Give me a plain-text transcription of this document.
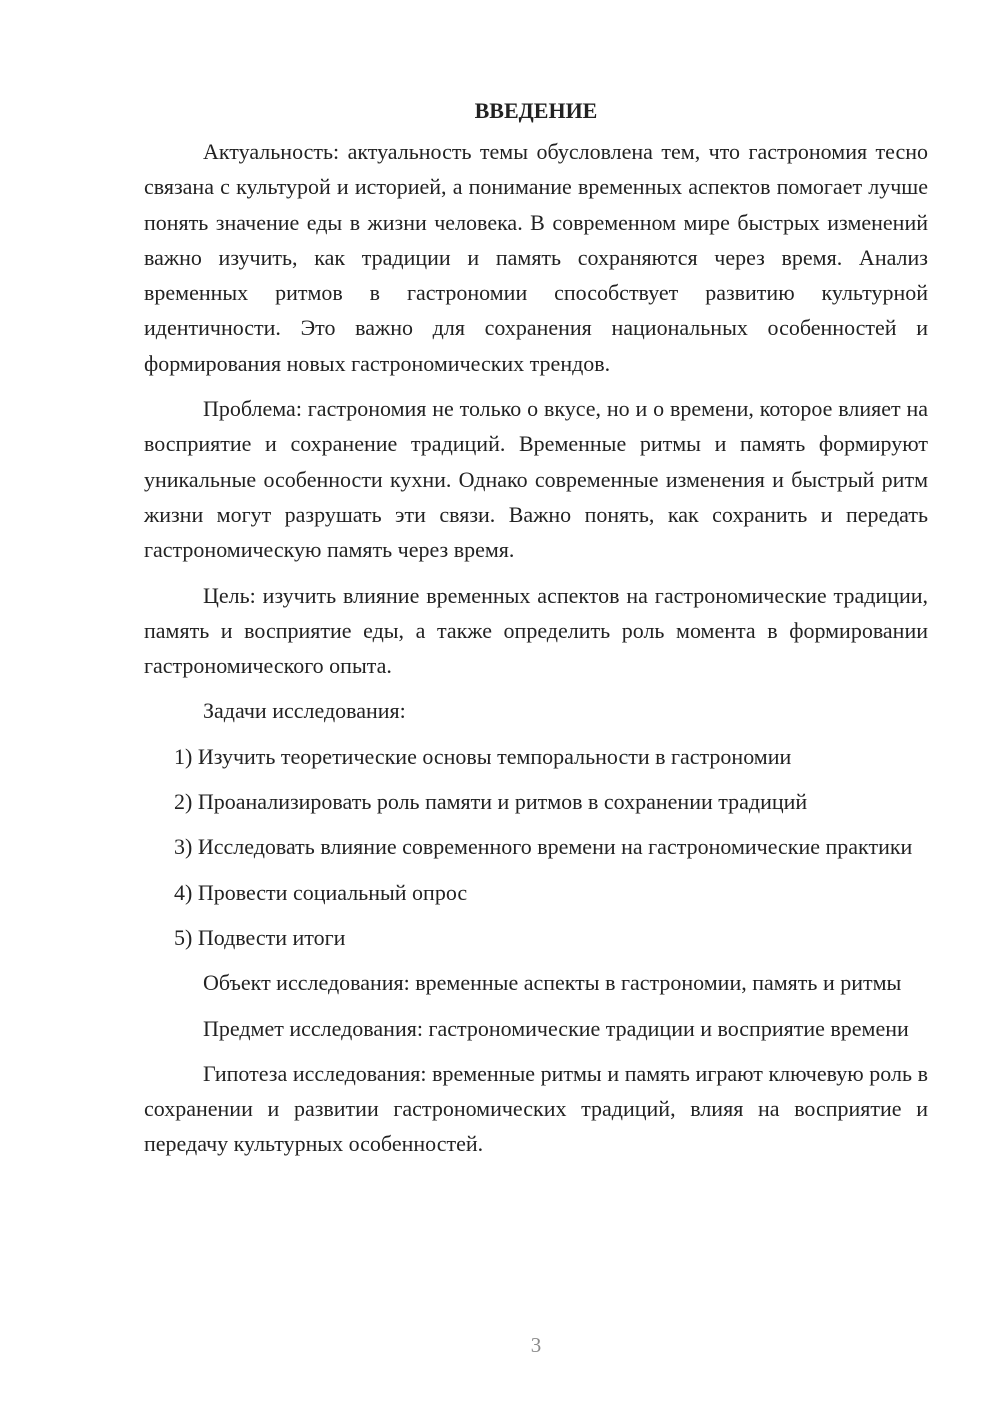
ВВЕДЕНИЕ

Актуальность: актуальность темы обусловлена тем, что гастрономия тесно связана с культурой и историей, а понимание временных аспектов помогает лучше понять значение еды в жизни человека. В современном мире быстрых изменений важно изучить, как традиции и память сохраняются через время. Анализ временных ритмов в гастрономии способствует развитию культурной идентичности. Это важно для сохранения национальных особенностей и формирования новых гастрономических трендов.

Проблема: гастрономия не только о вкусе, но и о времени, которое влияет на восприятие и сохранение традиций. Временные ритмы и память формируют уникальные особенности кухни. Однако современные изменения и быстрый ритм жизни могут разрушать эти связи. Важно понять, как сохранить и передать гастрономическую память через время.

Цель: изучить влияние временных аспектов на гастрономические традиции, память и восприятие еды, а также определить роль момента в формировании гастрономического опыта.

Задачи исследования:

1) Изучить теоретические основы темпоральности в гастрономии

2) Проанализировать роль памяти и ритмов в сохранении традиций

3) Исследовать влияние современного времени на гастрономические практики

4) Провести социальный опрос

5) Подвести итоги

Объект исследования: временные аспекты в гастрономии, память и ритмы

Предмет исследования: гастрономические традиции и восприятие времени

Гипотеза исследования: временные ритмы и память играют ключевую роль в сохранении и развитии гастрономических традиций, влияя на восприятие и передачу культурных особенностей.

3
